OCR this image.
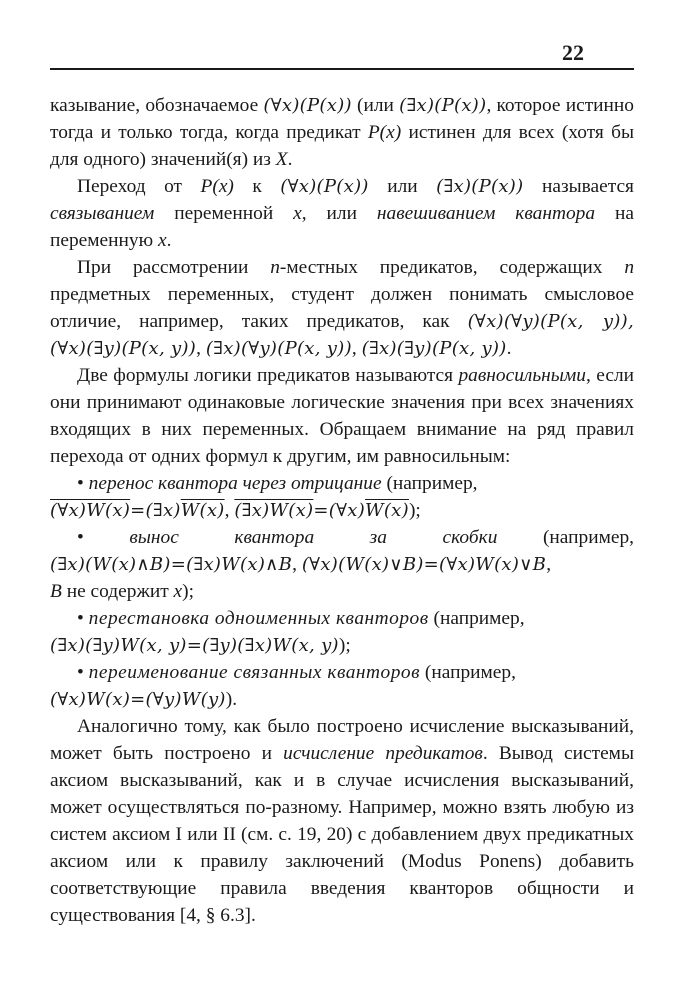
22

казывание, обозначаемое (∀x)(P(x)) (или (∃x)(P(x)), которое истинно тогда и только тогда, когда предикат P(x) истинен для всех (хотя бы для одного) значений(я) из X.

Переход от P(x) к (∀x)(P(x)) или (∃x)(P(x)) называется связыванием переменной x, или навешиванием квантора на переменную x.

При рассмотрении n-местных предикатов, содержащих n предметных переменных, студент должен понимать смысловое отличие, например, таких предикатов, как (∀x)(∀y)(P(x, y)), (∀x)(∃y)(P(x, y)), (∃x)(∀y)(P(x, y)), (∃x)(∃y)(P(x, y)).

Две формулы логики предикатов называются равносильными, если они принимают одинаковые логические значения при всех значениях входящих в них переменных. Обращаем внимание на ряд правил перехода от одних формул к другим, им равносильным:

• перенос квантора через отрицание (например,

(∀x)W(x)=(∃x)W(x), (∃x)W(x)=(∀x)W(x));

• вынос квантора за скобки (например,

(∃x)(W(x)∧B)=(∃x)W(x)∧B, (∀x)(W(x)∨B)=(∀x)W(x)∨B,
B не содержит x);

• перестановка одноименных кванторов (например,

(∃x)(∃y)W(x, y)=(∃y)(∃x)W(x, y));

• переименование связанных кванторов (например,

(∀x)W(x)=(∀y)W(y)).

Аналогично тому, как было построено исчисление высказываний, может быть построено и исчисление предикатов. Вывод системы аксиом высказываний, как и в случае исчисления высказываний, может осуществляться по-разному. Например, можно взять любую из систем аксиом I или II (см. с. 19, 20) с добавлением двух предикатных аксиом или к правилу заключений (Modus Ponens) добавить соответствующие правила введения кванторов общности и существования [4, § 6.3].
